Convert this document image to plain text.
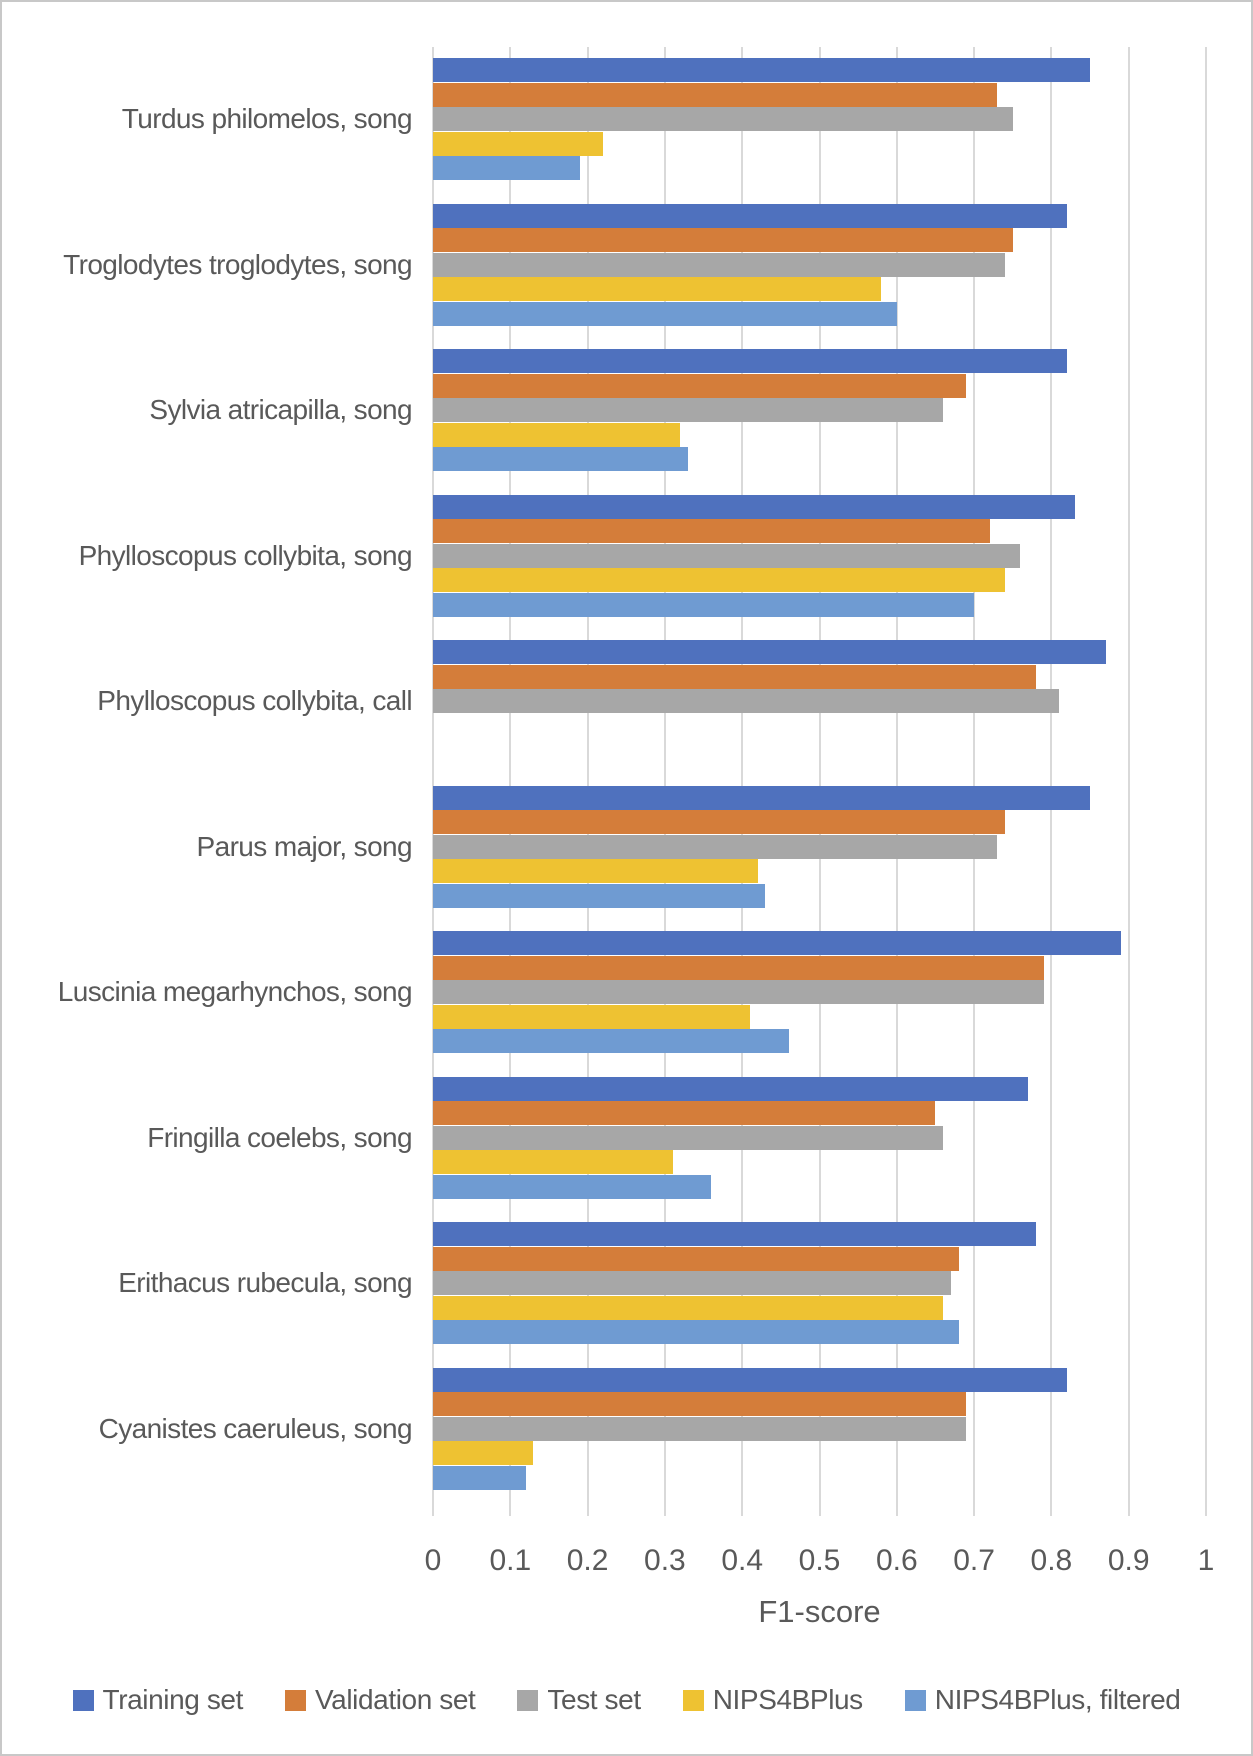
Turdus philomelos, song
Troglodytes troglodytes, song
Sylvia atricapilla, song
Phylloscopus collybita, song
Phylloscopus collybita, call
Parus major, song
Luscinia megarhynchos, song
Fringilla coelebs, song
Erithacus rubecula, song
Cyanistes caeruleus, song
0 0.1 0.2 0.3 0.4 0.5 0.6 0.7 0.8 0.9 1
F1-score
Training set	Validation set	Test set	NIPS4BPlus	NIPS4BPlus, filtered
